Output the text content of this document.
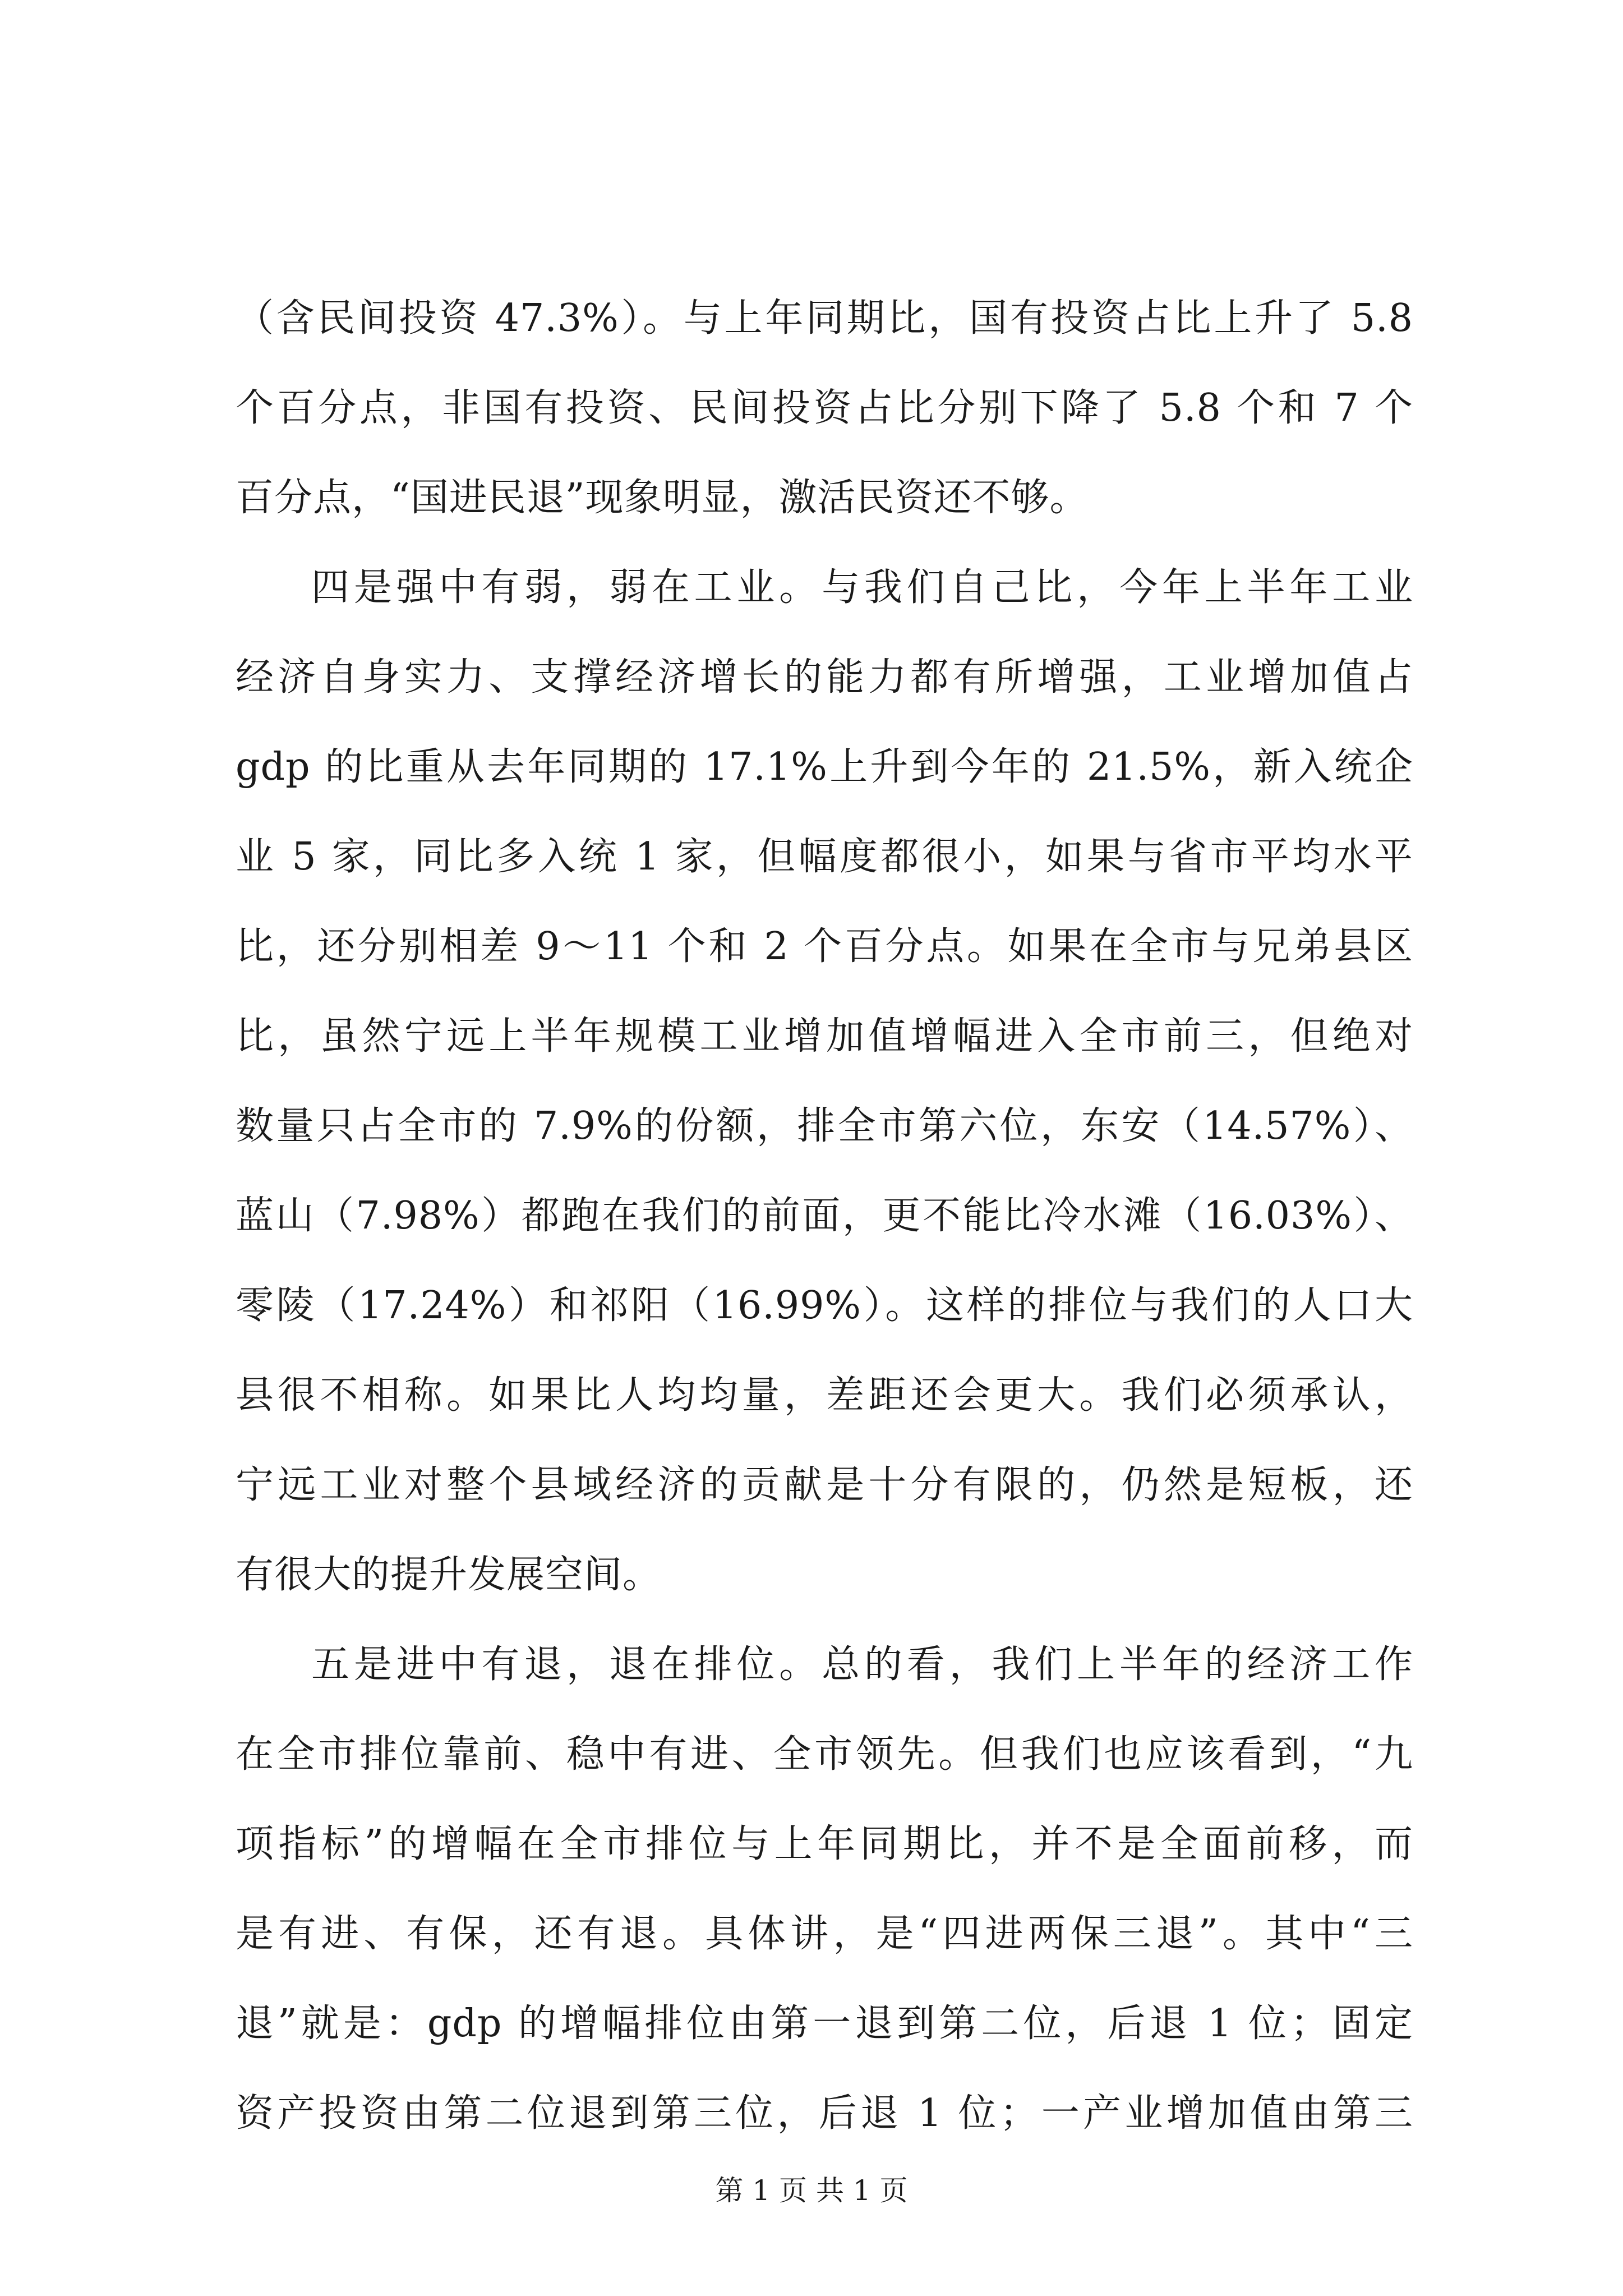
（含民间投资 47.3%）。与上年同期比，国有投资占比上升了 5.8
个百分点，非国有投资、民间投资占比分别下降了 5.8 个和 7 个
百分点，“国进民退”现象明显，激活民资还不够。
四是强中有弱，弱在工业。与我们自己比，今年上半年工业
经济自身实力、支撑经济增长的能力都有所增强，工业增加值占
gdp 的比重从去年同期的 17.1%上升到今年的 21.5%，新入统企
业 5 家，同比多入统 1 家，但幅度都很小，如果与省市平均水平
比，还分别相差 9～11 个和 2 个百分点。如果在全市与兄弟县区
比，虽然宁远上半年规模工业增加值增幅进入全市前三，但绝对
数量只占全市的 7.9%的份额，排全市第六位，东安（14.57%）、
蓝山（7.98%）都跑在我们的前面，更不能比冷水滩（16.03%）、
零陵（17.24%）和祁阳（16.99%）。这样的排位与我们的人口大
县很不相称。如果比人均均量，差距还会更大。我们必须承认，
宁远工业对整个县域经济的贡献是十分有限的，仍然是短板，还
有很大的提升发展空间。
五是进中有退，退在排位。总的看，我们上半年的经济工作
在全市排位靠前、稳中有进、全市领先。但我们也应该看到，“九
项指标”的增幅在全市排位与上年同期比，并不是全面前移，而
是有进、有保，还有退。具体讲，是“四进两保三退”。其中“三
退”就是：gdp 的增幅排位由第一退到第二位，后退 1 位；固定
资产投资由第二位退到第三位，后退 1 位；一产业增加值由第三
第 1 页 共 1 页
